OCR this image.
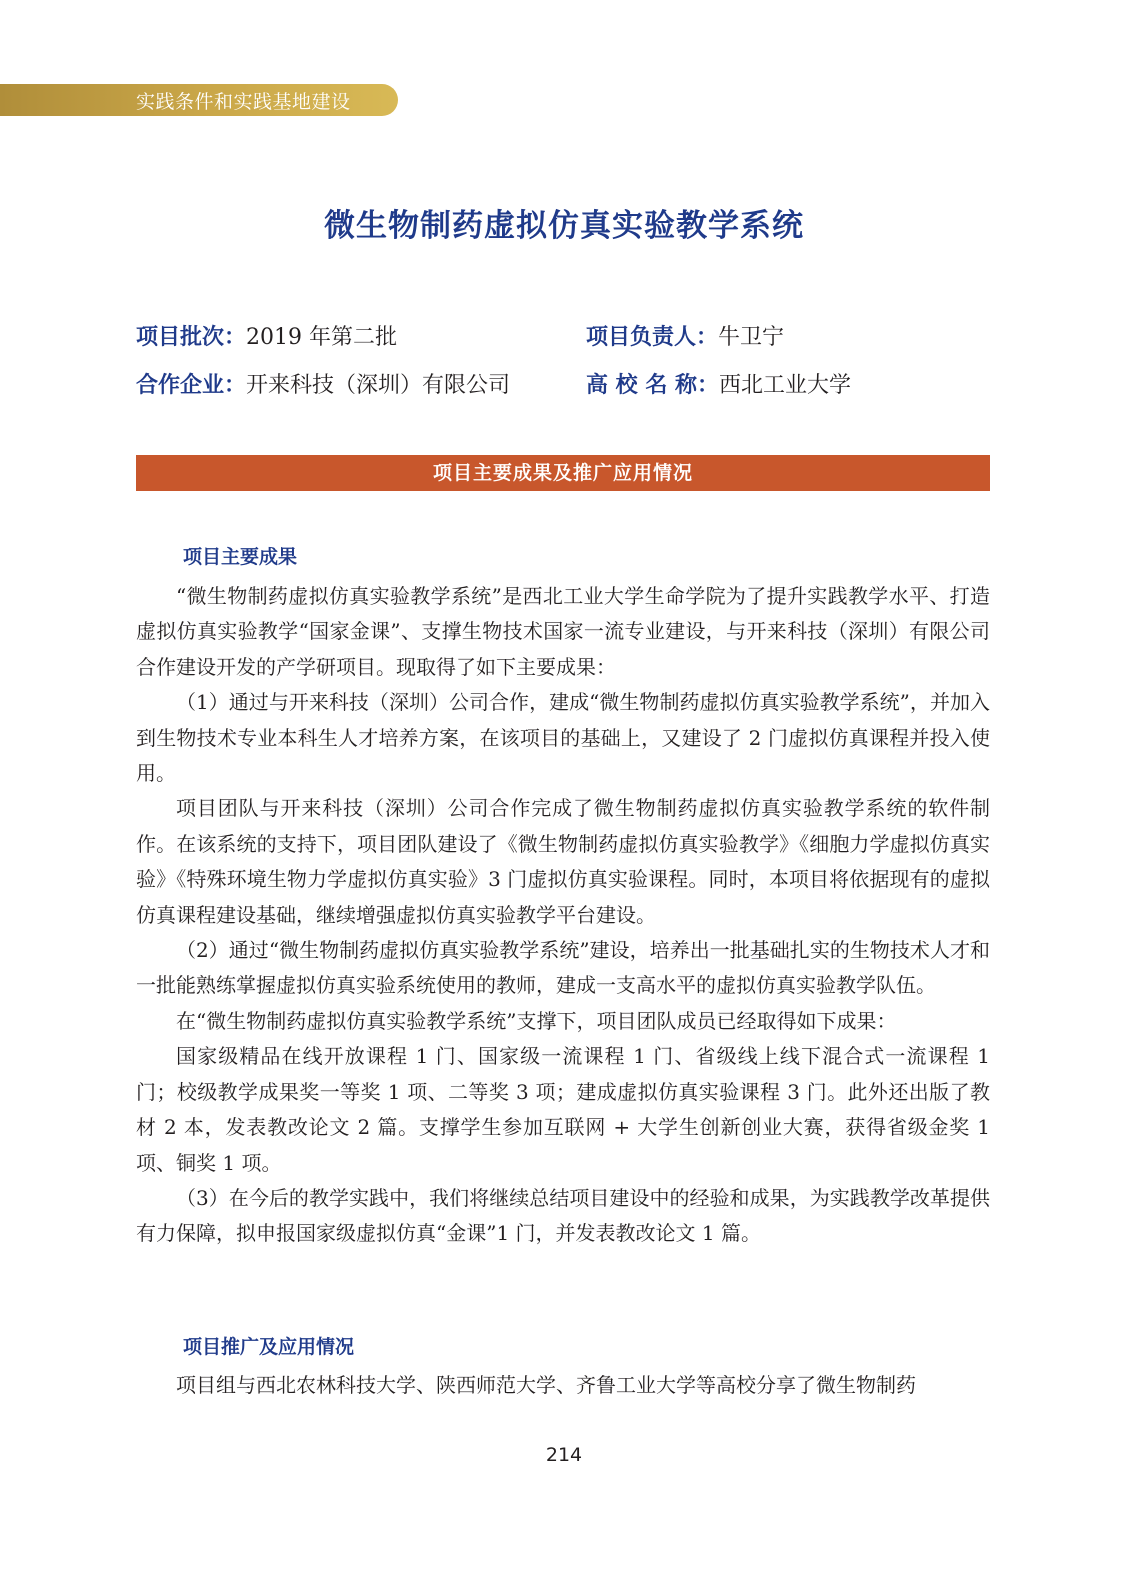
实践条件和实践基地建设
微生物制药虚拟仿真实验教学系统
项目批次：2019 年第二批	项目负责人：牛卫宁
合作企业：开来科技（深圳）有限公司	高 校 名 称：西北工业大学
项目主要成果及推广应用情况
项目主要成果

“微生物制药虚拟仿真实验教学系统”是西北工业大学生命学院为了提升实践教学水平、打造虚拟仿真实验教学“国家金课”、支撑生物技术国家一流专业建设，与开来科技（深圳）有限公司合作建设开发的产学研项目。现取得了如下主要成果：

（1）通过与开来科技（深圳）公司合作，建成“微生物制药虚拟仿真实验教学系统”，并加入到生物技术专业本科生人才培养方案，在该项目的基础上，又建设了 2 门虚拟仿真课程并投入使用。

项目团队与开来科技（深圳）公司合作完成了微生物制药虚拟仿真实验教学系统的软件制作。在该系统的支持下，项目团队建设了《微生物制药虚拟仿真实验教学》《细胞力学虚拟仿真实验》《特殊环境生物力学虚拟仿真实验》3 门虚拟仿真实验课程。同时，本项目将依据现有的虚拟仿真课程建设基础，继续增强虚拟仿真实验教学平台建设。

（2）通过“微生物制药虚拟仿真实验教学系统”建设，培养出一批基础扎实的生物技术人才和一批能熟练掌握虚拟仿真实验系统使用的教师，建成一支高水平的虚拟仿真实验教学队伍。

在“微生物制药虚拟仿真实验教学系统”支撑下，项目团队成员已经取得如下成果：

国家级精品在线开放课程 1 门、国家级一流课程 1 门、省级线上线下混合式一流课程 1 门；校级教学成果奖一等奖 1 项、二等奖 3 项；建成虚拟仿真实验课程 3 门。此外还出版了教材 2 本，发表教改论文 2 篇。支撑学生参加互联网 + 大学生创新创业大赛，获得省级金奖 1 项、铜奖 1 项。

（3）在今后的教学实践中，我们将继续总结项目建设中的经验和成果，为实践教学改革提供有力保障，拟申报国家级虚拟仿真“金课”1 门，并发表教改论文 1 篇。

项目推广及应用情况

项目组与西北农林科技大学、陕西师范大学、齐鲁工业大学等高校分享了微生物制药

214
